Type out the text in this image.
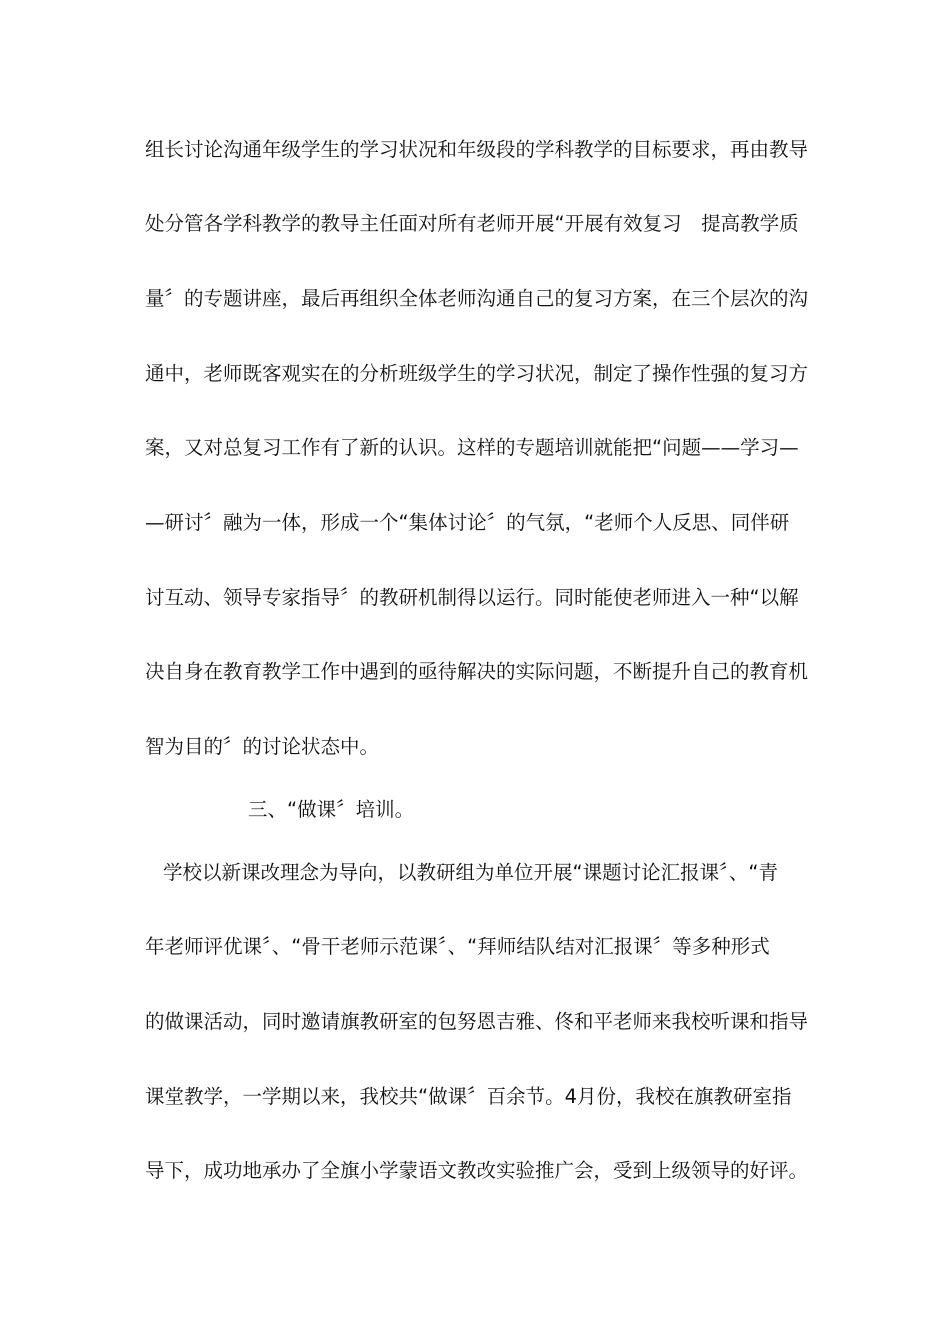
组长讨论沟通年级学生的学习状况和年级段的学科教学的目标要求，再由教导
处分管各学科教学的教导主任面对所有老师开展“开展有效复习　提高教学质
量〞的专题讲座，最后再组织全体老师沟通自己的复习方案，在三个层次的沟
通中，老师既客观实在的分析班级学生的学习状况，制定了操作性强的复习方
案，又对总复习工作有了新的认识。这样的专题培训就能把“问题——学习—
—研讨〞融为一体，形成一个“集体讨论〞的气氛，“老师个人反思、同伴研
讨互动、领导专家指导〞的教研机制得以运行。同时能使老师进入一种“以解
决自身在教育教学工作中遇到的亟待解决的实际问题，不断提升自己的教育机
智为目的〞的讨论状态中。
三、“做课〞培训。
学校以新课改理念为导向，以教研组为单位开展“课题讨论汇报课〞、“青
年老师评优课〞、“骨干老师示范课〞、“拜师结队结对汇报课〞等多种形式
的做课活动，同时邀请旗教研室的包努恩吉雅、佟和平老师来我校听课和指导
课堂教学，一学期以来，我校共“做课〞百余节。4月份，我校在旗教研室指
导下，成功地承办了全旗小学蒙语文教改实验推广会，受到上级领导的好评。
